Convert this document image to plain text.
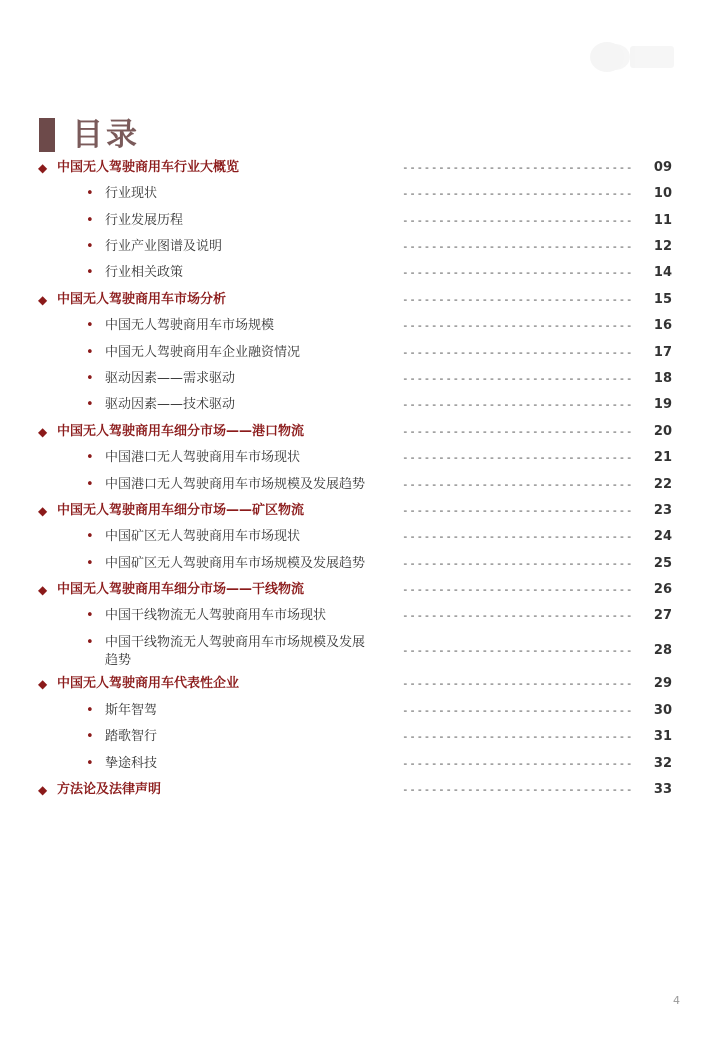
目录
◆ 中国无人驾驶商用车行业大概览	--------------------------------	09
• 行业现状	--------------------------------	10
• 行业发展历程	--------------------------------	11
• 行业产业图谱及说明	--------------------------------	12
• 行业相关政策	--------------------------------	14
◆ 中国无人驾驶商用车市场分析	--------------------------------	15
• 中国无人驾驶商用车市场规模	--------------------------------	16
• 中国无人驾驶商用车企业融资情况	--------------------------------	17
• 驱动因素——需求驱动	--------------------------------	18
• 驱动因素——技术驱动	--------------------------------	19
◆ 中国无人驾驶商用车细分市场——港口物流	--------------------------------	20
• 中国港口无人驾驶商用车市场现状	--------------------------------	21
• 中国港口无人驾驶商用车市场规模及发展趋势	--------------------------------	22
◆ 中国无人驾驶商用车细分市场——矿区物流	--------------------------------	23
• 中国矿区无人驾驶商用车市场现状	--------------------------------	24
• 中国矿区无人驾驶商用车市场规模及发展趋势	--------------------------------	25
◆ 中国无人驾驶商用车细分市场——干线物流	--------------------------------	26
• 中国干线物流无人驾驶商用车市场现状	--------------------------------	27
• 中国干线物流无人驾驶商用车市场规模及发展
趋势
--------------------------------	28
◆ 中国无人驾驶商用车代表性企业	--------------------------------	29
• 斯年智驾	--------------------------------	30
• 踏歌智行	--------------------------------	31
• 挚途科技	--------------------------------	32
◆ 方法论及法律声明	--------------------------------	33
4
